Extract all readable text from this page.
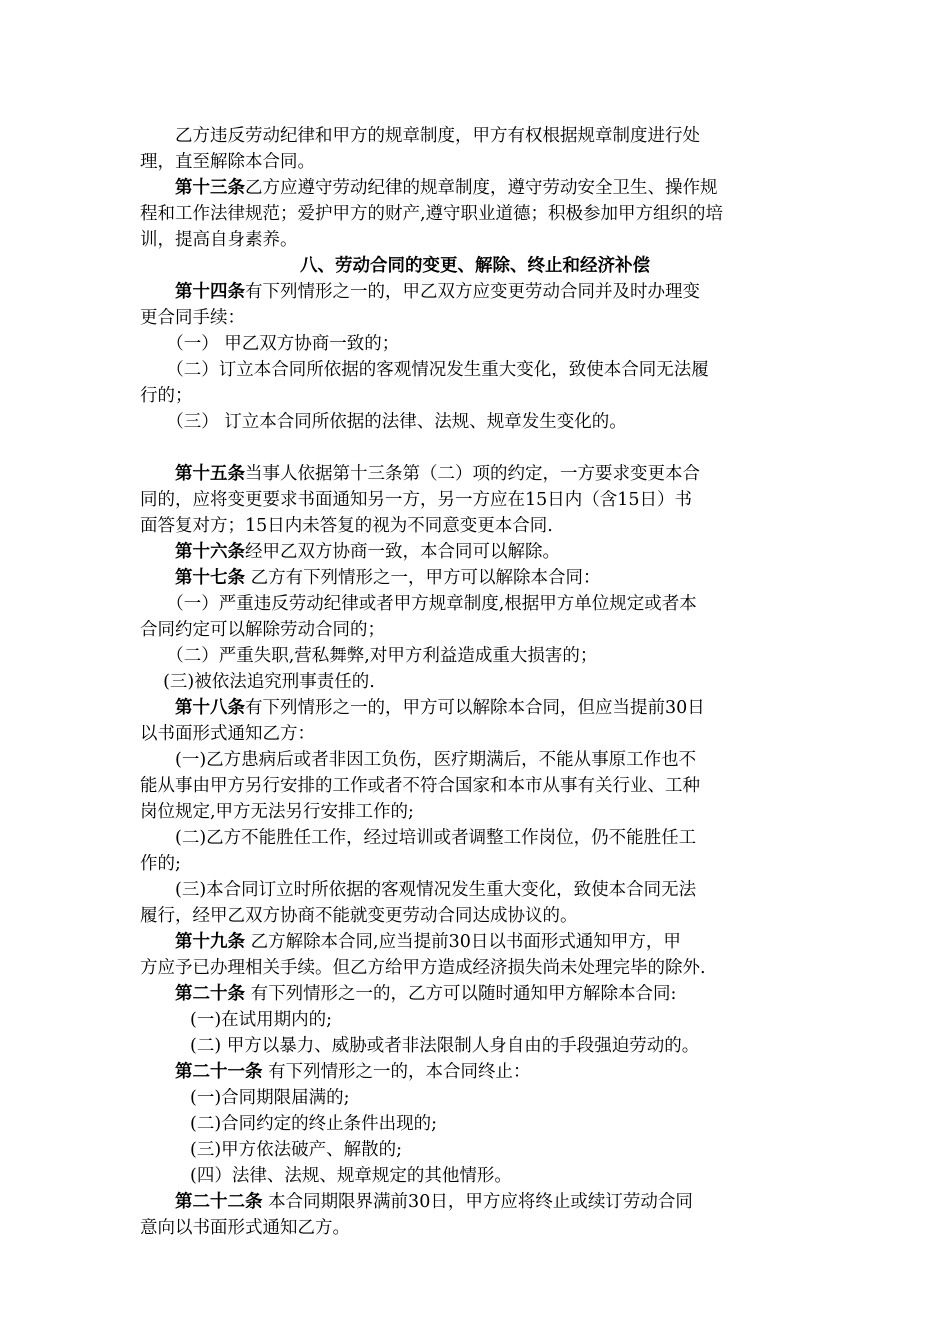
　　乙方违反劳动纪律和甲方的规章制度，甲方有权根据规章制度进行处
理，直至解除本合同。
　　第十三条乙方应遵守劳动纪律的规章制度，遵守劳动安全卫生、操作规
程和工作法律规范；爱护甲方的财产,遵守职业道德；积极参加甲方组织的培
训，提高自身素养。
八、劳动合同的变更、解除、终止和经济补偿
　　第十四条有下列情形之一的，甲乙双方应变更劳动合同并及时办理变
更合同手续：
　　（一） 甲乙双方协商一致的；
　　（二）订立本合同所依据的客观情况发生重大变化，致使本合同无法履
行的；
　　（三） 订立本合同所依据的法律、法规、规章发生变化的。
　　第十五条当事人依据第十三条第（二）项的约定，一方要求变更本合
同的，应将变更要求书面通知另一方，另一方应在15日内（含15日）书
面答复对方；15日内未答复的视为不同意变更本合同.
　　第十六条经甲乙双方协商一致，本合同可以解除。
　　第十七条 乙方有下列情形之一，甲方可以解除本合同：
　　（一）严重违反劳动纪律或者甲方规章制度,根据甲方单位规定或者本
合同约定可以解除劳动合同的；
　　（二）严重失职,营私舞弊,对甲方利益造成重大损害的；
　 (三)被依法追究刑事责任的.
　　第十八条有下列情形之一的，甲方可以解除本合同，但应当提前30日
以书面形式通知乙方：
　　(一)乙方患病后或者非因工负伤，医疗期满后，不能从事原工作也不
能从事由甲方另行安排的工作或者不符合国家和本市从事有关行业、工种
岗位规定,甲方无法另行安排工作的;
　　(二)乙方不能胜任工作，经过培训或者调整工作岗位，仍不能胜任工
作的;
　　(三)本合同订立时所依据的客观情况发生重大变化，致使本合同无法
履行，经甲乙双方协商不能就变更劳动合同达成协议的。
　　第十九条 乙方解除本合同,应当提前30日以书面形式通知甲方，甲
方应予已办理相关手续。但乙方给甲方造成经济损失尚未处理完毕的除外.
　　第二十条 有下列情形之一的，乙方可以随时通知甲方解除本合同:
(一)在试用期内的;
(二) 甲方以暴力、威胁或者非法限制人身自由的手段强迫劳动的。
　　第二十一条 有下列情形之一的，本合同终止：
(一)合同期限届满的;
(二)合同约定的终止条件出现的;
(三)甲方依法破产、解散的;
(四）法律、法规、规章规定的其他情形。
　　第二十二条 本合同期限界满前30日，甲方应将终止或续订劳动合同
意向以书面形式通知乙方。
